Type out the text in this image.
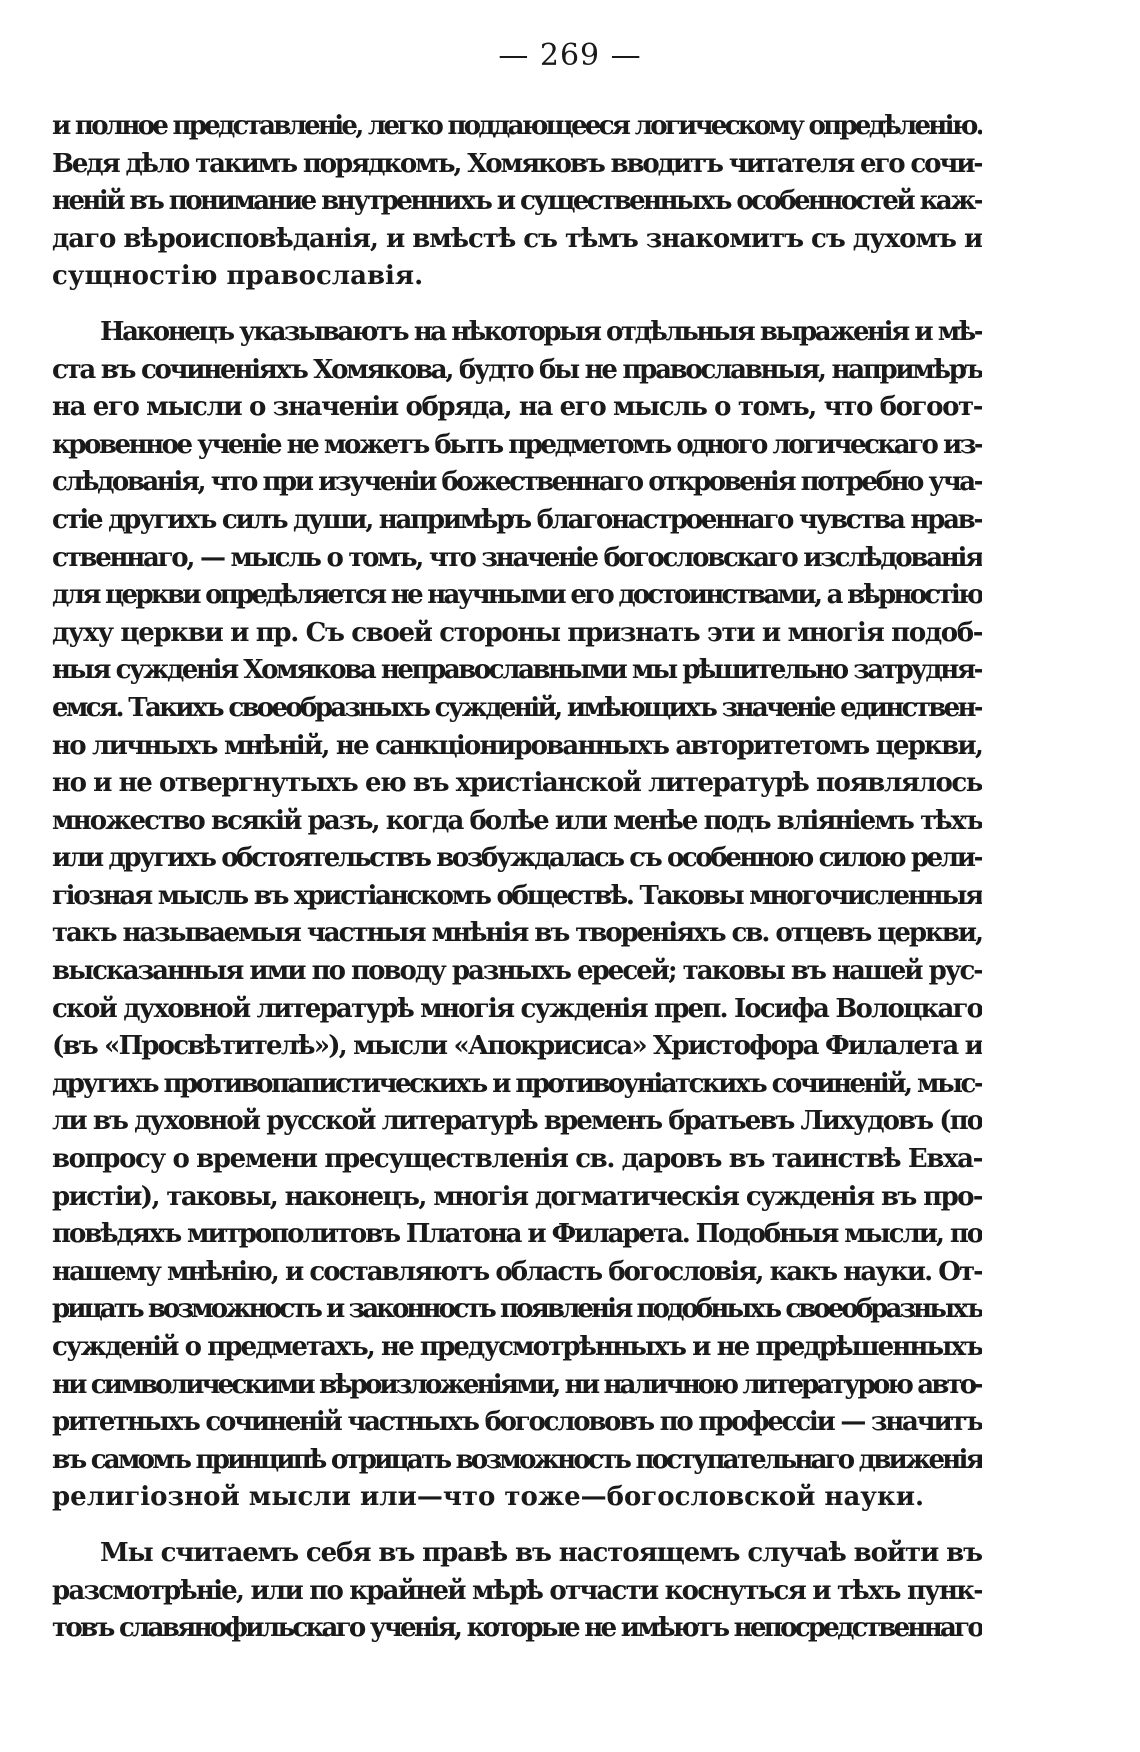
— 269 —
и полное представленіе, легко поддающееся логическому опредѣленію.
Ведя дѣло такимъ порядкомъ, Хомяковъ вводитъ читателя его сочи-
неній въ понимание внутреннихъ и существенныхъ особенностей каж-
даго вѣроисповѣданія, и вмѣстѣ съ тѣмъ знакомитъ съ духомъ и
сущностію православія.
Наконецъ указываютъ на нѣкоторыя отдѣльныя выраженія и мѣ-
ста въ сочиненіяхъ Хомякова, будто бы не православныя, напримѣръ
на его мысли о значеніи обряда, на его мысль о томъ, что богоот-
кровенное ученіе не можетъ быть предметомъ одного логическаго из-
слѣдованія, что при изученіи божественнаго откровенія потребно уча-
стіе другихъ силъ души, напримѣръ благонастроеннаго чувства нрав-
ственнаго, — мысль о томъ, что значеніе богословскаго изслѣдованія
для церкви опредѣляется не научными его достоинствами, а вѣрностію
духу церкви и пр. Съ своей стороны признать эти и многія подоб-
ныя сужденія Хомякова неправославными мы рѣшительно затрудня-
емся. Такихъ своеобразныхъ сужденій, имѣющихъ значеніе единствен-
но личныхъ мнѣній, не санкціонированныхъ авторитетомъ церкви,
но и не отвергнутыхъ ею въ христіанской литературѣ появлялось
множество всякій разъ, когда болѣе или менѣе подъ вліяніемъ тѣхъ
или другихъ обстоятельствъ возбуждалась съ особенною силою рели-
гіозная мысль въ христіанскомъ обществѣ. Таковы многочисленныя
такъ называемыя частныя мнѣнія въ твореніяхъ св. отцевъ церкви,
высказанныя ими по поводу разныхъ ересей; таковы въ нашей рус-
ской духовной литературѣ многія сужденія преп. Іосифа Волоцкаго
(въ «Просвѣтителѣ»), мысли «Апокрисиса» Христофора Филалета и
другихъ противопапистическихъ и противоуніатскихъ сочиненій, мыс-
ли въ духовной русской литературѣ временъ братьевъ Лихудовъ (по
вопросу о времени пресуществленія св. даровъ въ таинствѣ Евха-
ристіи), таковы, наконецъ, многія догматическія сужденія въ про-
повѣдяхъ митрополитовъ Платона и Филарета. Подобныя мысли, по
нашему мнѣнію, и составляютъ область богословія, какъ науки. От-
рицать возможность и законность появленія подобныхъ своеобразныхъ
сужденій о предметахъ, не предусмотрѣнныхъ и не предрѣшенныхъ
ни символическими вѣроизложеніями, ни наличною литературою авто-
ритетныхъ сочиненій частныхъ богослововъ по профессіи — значитъ
въ самомъ принципѣ отрицать возможность поступательнаго движенія
религіозной мысли или—что тоже—богословской науки.
Мы считаемъ себя въ правѣ въ настоящемъ случаѣ войти въ
разсмотрѣніе, или по крайней мѣрѣ отчасти коснуться и тѣхъ пунк-
товъ славянофильскаго ученія, которые не имѣютъ непосредственнаго
